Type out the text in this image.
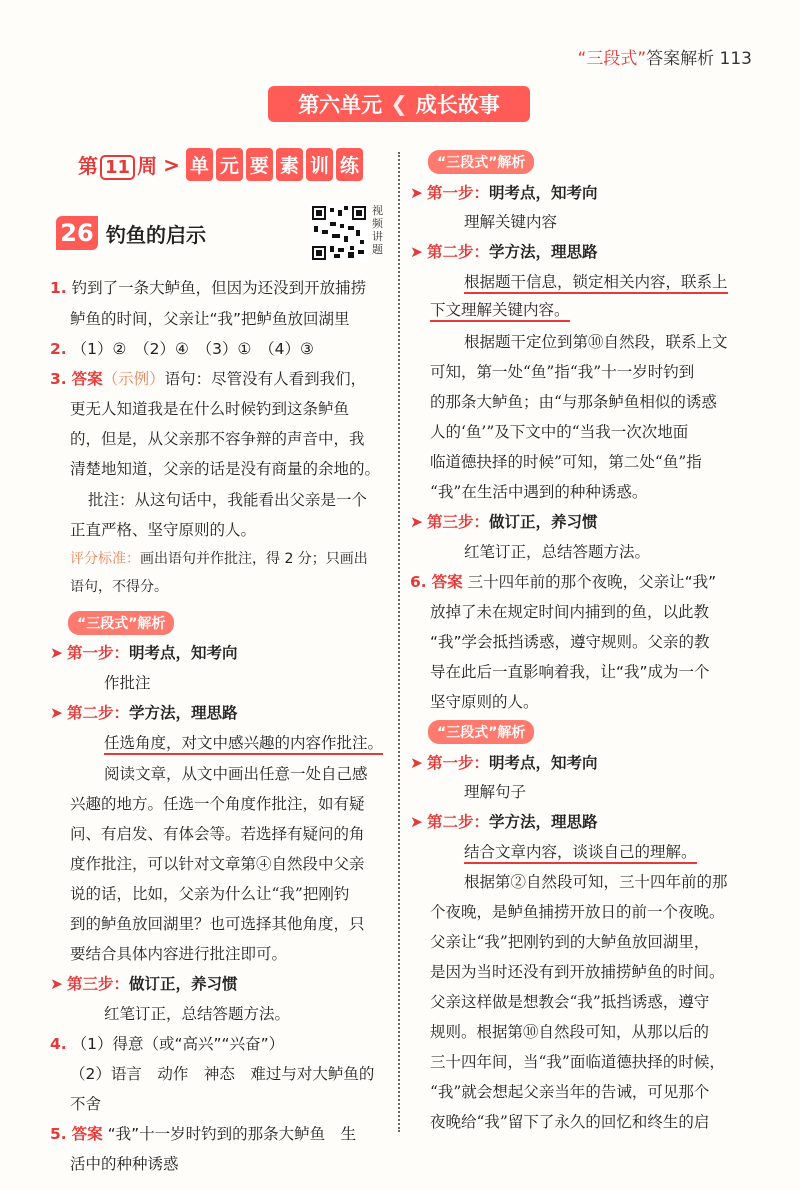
“三段式”答案解析 113
第六单元 ❮ 成长故事
第 11 周 > 单 元 要 素 训 练
26 钓鱼的启示
视频讲题
1. 钓到了一条大鲈鱼，但因为还没到开放捕捞
鲈鱼的时间，父亲让“我”把鲈鱼放回湖里
2. （1）②　（2）④　（3）①　（4）③
3. 答案（示例）语句：尽管没有人看到我们，
更无人知道我是在什么时候钓到这条鲈鱼
的，但是，从父亲那不容争辩的声音中，我
清楚地知道，父亲的话是没有商量的余地的。
批注：从这句话中，我能看出父亲是一个
正直严格、坚守原则的人。
评分标准：画出语句并作批注，得 2 分；只画出
语句，不得分。
“三段式”解析
➤ 第一步：明考点，知考向
作批注
➤ 第二步：学方法，理思路
任选角度，对文中感兴趣的内容作批注。
阅读文章，从文中画出任意一处自己感
兴趣的地方。任选一个角度作批注，如有疑
问、有启发、有体会等。若选择有疑问的角
度作批注，可以针对文章第④自然段中父亲
说的话，比如，父亲为什么让“我”把刚钓
到的鲈鱼放回湖里？也可选择其他角度，只
要结合具体内容进行批注即可。
➤ 第三步：做订正，养习惯
红笔订正，总结答题方法。
4. （1）得意（或“高兴”“兴奋”）
（2）语言　动作　神态　难过与对大鲈鱼的
不舍
5. 答案 “我”十一岁时钓到的那条大鲈鱼　生
活中的种种诱惑
“三段式”解析
➤ 第一步：明考点，知考向
理解关键内容
➤ 第二步：学方法，理思路
根据题干信息，锁定相关内容，联系上
下文理解关键内容。
根据题干定位到第⑩自然段，联系上文
可知，第一处“鱼”指“我”十一岁时钓到
的那条大鲈鱼；由“与那条鲈鱼相似的诱惑
人的‘鱼’”及下文中的“当我一次次地面
临道德抉择的时候”可知，第二处“鱼”指
“我”在生活中遇到的种种诱惑。
➤ 第三步：做订正，养习惯
红笔订正，总结答题方法。
6. 答案 三十四年前的那个夜晚，父亲让“我”
放掉了未在规定时间内捕到的鱼，以此教
“我”学会抵挡诱惑，遵守规则。父亲的教
导在此后一直影响着我，让“我”成为一个
坚守原则的人。
“三段式”解析
➤ 第一步：明考点，知考向
理解句子
➤ 第二步：学方法，理思路
结合文章内容，谈谈自己的理解。
根据第②自然段可知，三十四年前的那
个夜晚，是鲈鱼捕捞开放日的前一个夜晚。
父亲让“我”把刚钓到的大鲈鱼放回湖里，
是因为当时还没有到开放捕捞鲈鱼的时间。
父亲这样做是想教会“我”抵挡诱惑，遵守
规则。根据第⑩自然段可知，从那以后的
三十四年间，当“我”面临道德抉择的时候，
“我”就会想起父亲当年的告诫，可见那个
夜晚给“我”留下了永久的回忆和终生的启
